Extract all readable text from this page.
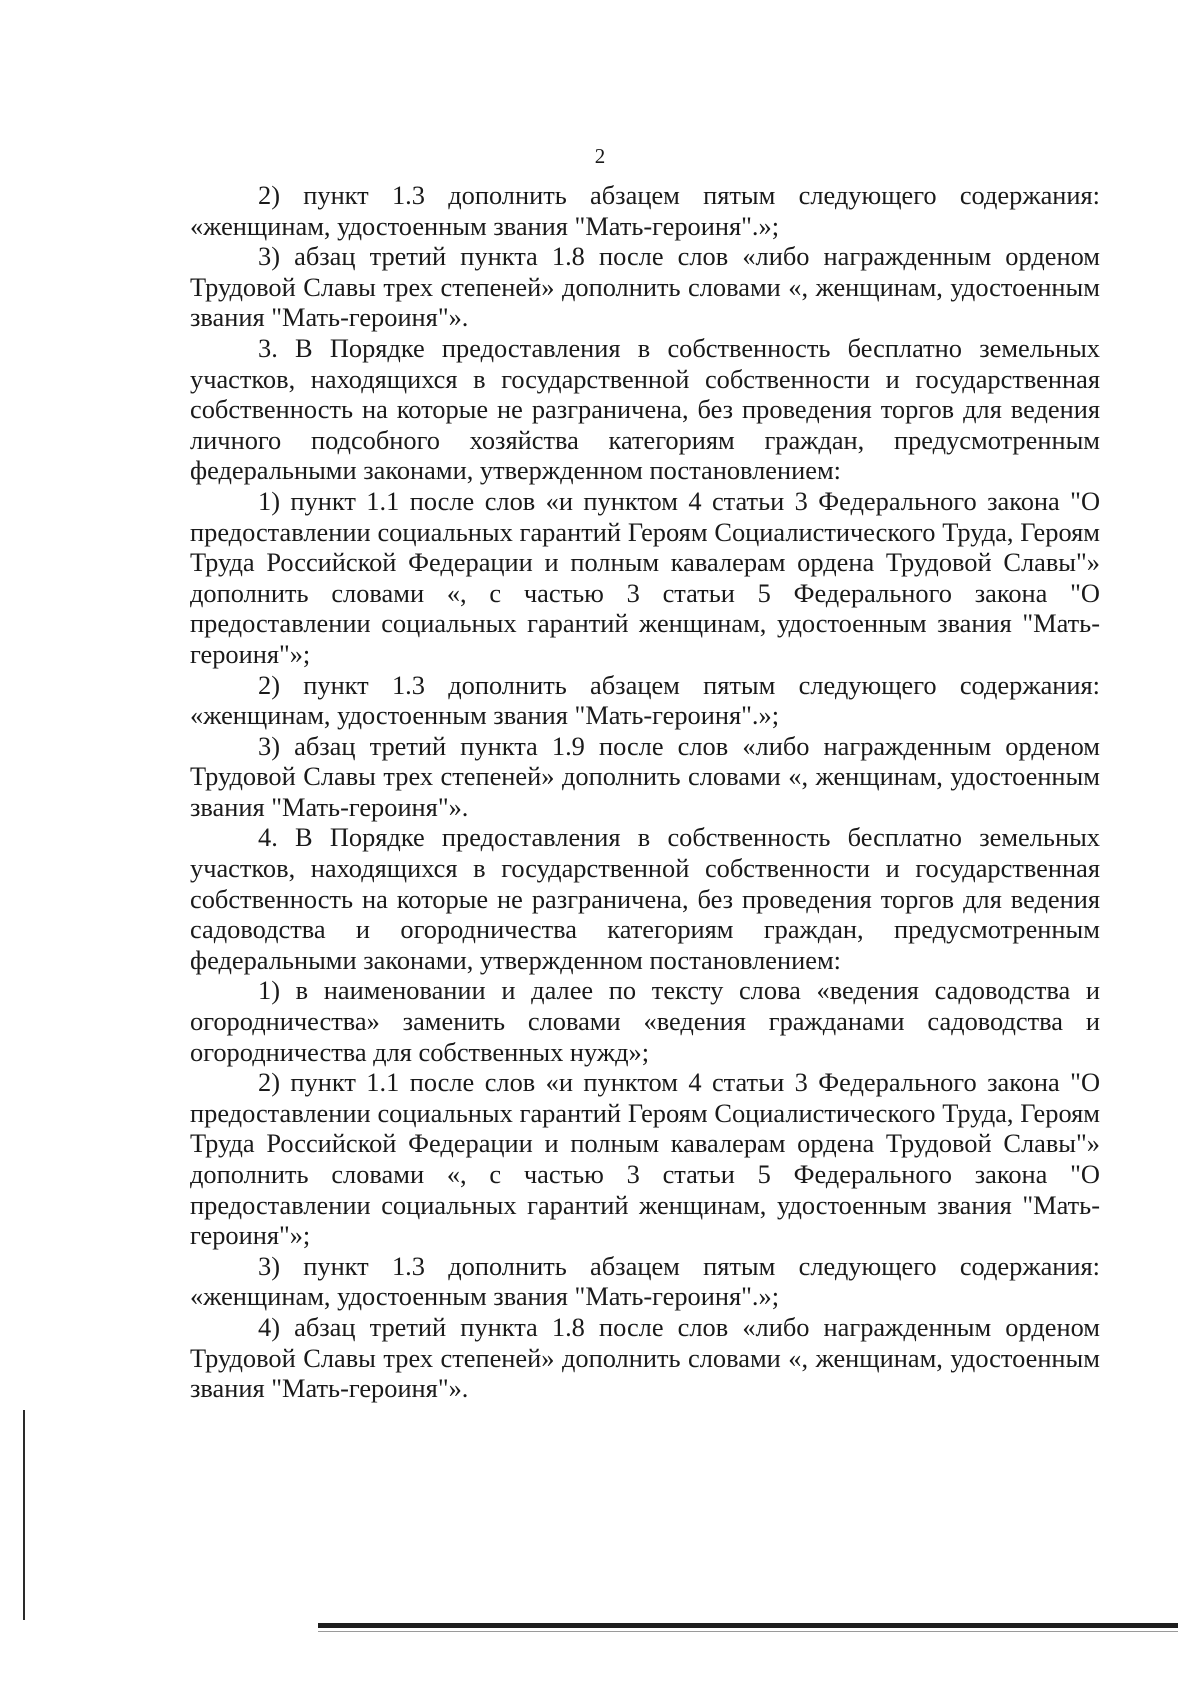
2

2) пункт 1.3 дополнить абзацем пятым следующего содержания: «женщинам, удостоенным звания "Мать-героиня".»;

3) абзац третий пункта 1.8 после слов «либо награжденным орденом Трудовой Славы трех степеней» дополнить словами «, женщинам, удостоенным звания "Мать-героиня"».

3. В Порядке предоставления в собственность бесплатно земельных участков, находящихся в государственной собственности и государственная собственность на которые не разграничена, без проведения торгов для ведения личного подсобного хозяйства категориям граждан, предусмотренным федеральными законами, утвержденном постановлением:

1) пункт 1.1 после слов «и пунктом 4 статьи 3 Федерального закона "О предоставлении социальных гарантий Героям Социалистического Труда, Героям Труда Российской Федерации и полным кавалерам ордена Трудовой Славы"» дополнить словами «, с частью 3 статьи 5 Федерального закона "О предоставлении социальных гарантий женщинам, удостоенным звания "Мать-героиня"»;

2) пункт 1.3 дополнить абзацем пятым следующего содержания: «женщинам, удостоенным звания "Мать-героиня".»;

3) абзац третий пункта 1.9 после слов «либо награжденным орденом Трудовой Славы трех степеней» дополнить словами «, женщинам, удостоенным звания "Мать-героиня"».

4. В Порядке предоставления в собственность бесплатно земельных участков, находящихся в государственной собственности и государственная собственность на которые не разграничена, без проведения торгов для ведения садоводства и огородничества категориям граждан, предусмотренным федеральными законами, утвержденном постановлением:

1) в наименовании и далее по тексту слова «ведения садоводства и огородничества» заменить словами «ведения гражданами садоводства и огородничества для собственных нужд»;

2) пункт 1.1 после слов «и пунктом 4 статьи 3 Федерального закона "О предоставлении социальных гарантий Героям Социалистического Труда, Героям Труда Российской Федерации и полным кавалерам ордена Трудовой Славы"» дополнить словами «, с частью 3 статьи 5 Федерального закона "О предоставлении социальных гарантий женщинам, удостоенным звания "Мать-героиня"»;

3) пункт 1.3 дополнить абзацем пятым следующего содержания: «женщинам, удостоенным звания "Мать-героиня".»;

4) абзац третий пункта 1.8 после слов «либо награжденным орденом Трудовой Славы трех степеней» дополнить словами «, женщинам, удостоенным звания "Мать-героиня"».
